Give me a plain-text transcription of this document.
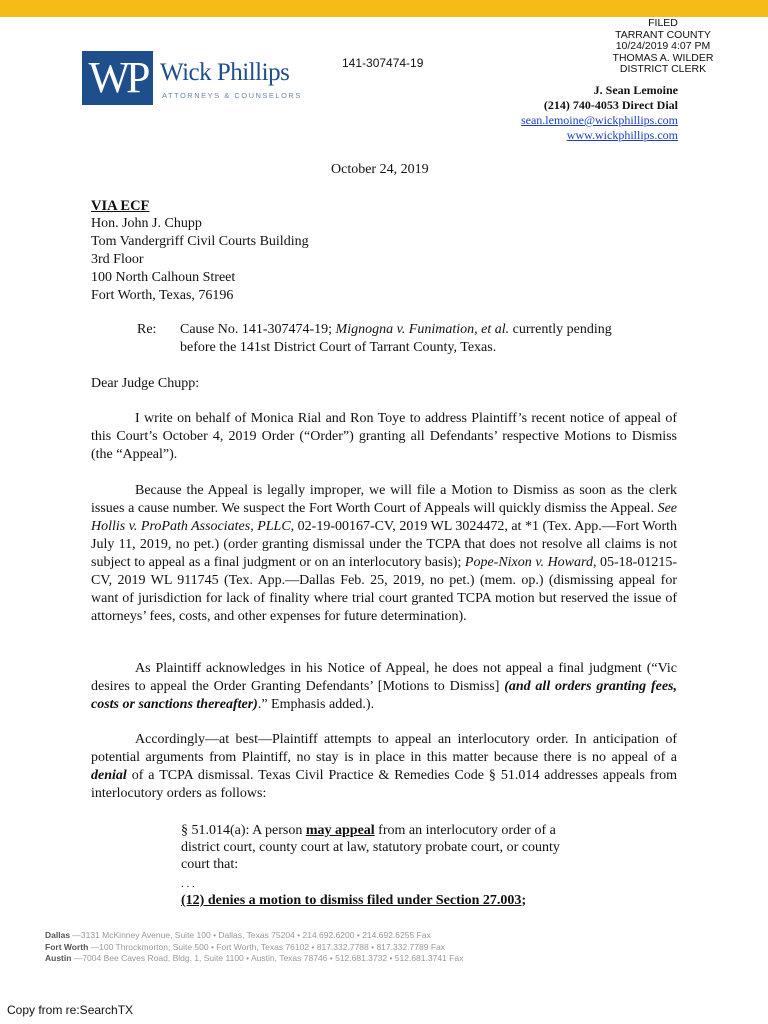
FILED
TARRANT COUNTY
10/24/2019 4:07 PM
THOMAS A. WILDER
DISTRICT CLERK
WP Wick Phillips
ATTORNEYS & COUNSELORS
141-307474-19
J. Sean Lemoine
(214) 740-4053 Direct Dial
sean.lemoine@wickphillips.com
www.wickphillips.com
October 24, 2019
VIA ECF
Hon. John J. Chupp
Tom Vandergriff Civil Courts Building
3rd Floor
100 North Calhoun Street
Fort Worth, Texas, 76196
Re: Cause No. 141-307474-19; Mignogna v. Funimation, et al. currently pending
before the 141st District Court of Tarrant County, Texas.
Dear Judge Chupp:
I write on behalf of Monica Rial and Ron Toye to address Plaintiff’s recent notice of appeal of this Court’s October 4, 2019 Order (“Order”) granting all Defendants’ respective Motions to Dismiss (the “Appeal”).
Because the Appeal is legally improper, we will file a Motion to Dismiss as soon as the clerk issues a cause number. We suspect the Fort Worth Court of Appeals will quickly dismiss the Appeal. See Hollis v. ProPath Associates, PLLC, 02-19-00167-CV, 2019 WL 3024472, at *1 (Tex. App.—Fort Worth July 11, 2019, no pet.) (order granting dismissal under the TCPA that does not resolve all claims is not subject to appeal as a final judgment or on an interlocutory basis); Pope-Nixon v. Howard, 05-18-01215-CV, 2019 WL 911745 (Tex. App.—Dallas Feb. 25, 2019, no pet.) (mem. op.) (dismissing appeal for want of jurisdiction for lack of finality where trial court granted TCPA motion but reserved the issue of attorneys’ fees, costs, and other expenses for future determination).
As Plaintiff acknowledges in his Notice of Appeal, he does not appeal a final judgment (“Vic desires to appeal the Order Granting Defendants’ [Motions to Dismiss] (and all orders granting fees, costs or sanctions thereafter).” Emphasis added.).
Accordingly—at best—Plaintiff attempts to appeal an interlocutory order. In anticipation of potential arguments from Plaintiff, no stay is in place in this matter because there is no appeal of a denial of a TCPA dismissal. Texas Civil Practice & Remedies Code § 51.014 addresses appeals from interlocutory orders as follows:
§ 51.014(a): A person may appeal from an interlocutory order of a district court, county court at law, statutory probate court, or county court that:
. . .
(12) denies a motion to dismiss filed under Section 27.003;
Dallas —3131 McKinney Avenue, Suite 100 • Dallas, Texas 75204 • 214.692.6200 • 214.692.6255 Fax
Fort Worth —100 Throckmorton, Suite 500 • Fort Worth, Texas 76102 • 817.332.7788 • 817.332.7789 Fax
Austin —7004 Bee Caves Road, Bldg. 1, Suite 1100 • Austin, Texas 78746 • 512.681.3732 • 512.681.3741 Fax
Copy from re:SearchTX
